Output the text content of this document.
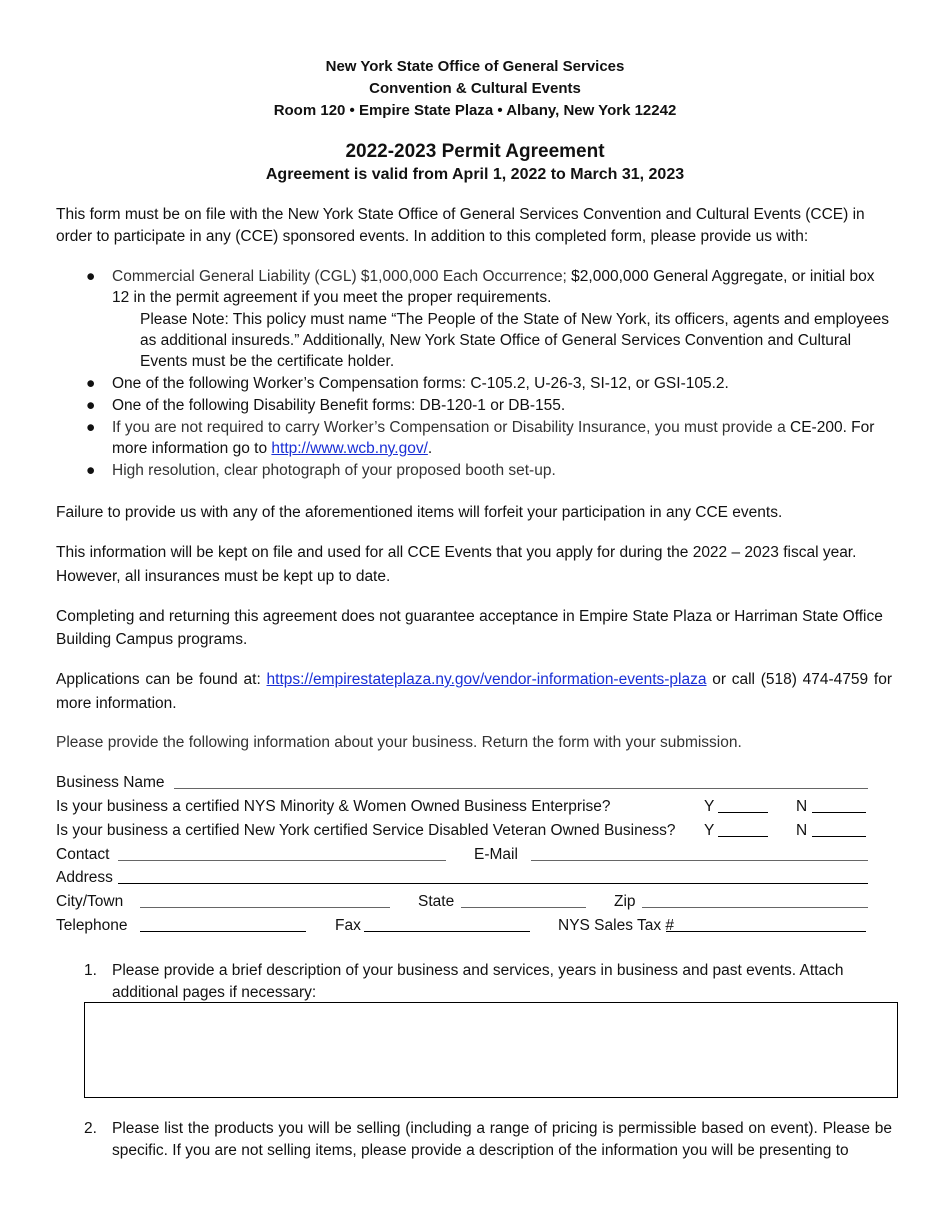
New York State Office of General Services
Convention & Cultural Events
Room 120 • Empire State Plaza • Albany, New York 12242
2022-2023 Permit Agreement
Agreement is valid from April 1, 2022 to March 31, 2023
This form must be on file with the New York State Office of General Services Convention and Cultural Events (CCE) in order to participate in any (CCE) sponsored events. In addition to this completed form, please provide us with:
● Commercial General Liability (CGL) $1,000,000 Each Occurrence; $2,000,000 General Aggregate, or initial box 12 in the permit agreement if you meet the proper requirements.
Please Note: This policy must name “The People of the State of New York, its officers, agents and employees as additional insureds.” Additionally, New York State Office of General Services Convention and Cultural Events must be the certificate holder.
● One of the following Worker’s Compensation forms: C-105.2, U-26-3, SI-12, or GSI-105.2.
● One of the following Disability Benefit forms: DB-120-1 or DB-155.
● If you are not required to carry Worker’s Compensation or Disability Insurance, you must provide a CE-200. For more information go to http://www.wcb.ny.gov/.
● High resolution, clear photograph of your proposed booth set-up.
Failure to provide us with any of the aforementioned items will forfeit your participation in any CCE events.
This information will be kept on file and used for all CCE Events that you apply for during the 2022 – 2023 fiscal year. However, all insurances must be kept up to date.
Completing and returning this agreement does not guarantee acceptance in Empire State Plaza or Harriman State Office Building Campus programs.
Applications can be found at: https://empirestateplaza.ny.gov/vendor-information-events-plaza or call (518) 474-4759 for more information.
Please provide the following information about your business. Return the form with your submission.
Business Name
Is your business a certified NYS Minority & Women Owned Business Enterprise?	Y	N
Is your business a certified New York certified Service Disabled Veteran Owned Business? Y	N
Contact	E-Mail
Address
City/Town	State	Zip
Telephone	Fax	NYS Sales Tax #
1. Please provide a brief description of your business and services, years in business and past events. Attach additional pages if necessary:
2. Please list the products you will be selling (including a range of pricing is permissible based on event). Please be specific. If you are not selling items, please provide a description of the information you will be presenting to
